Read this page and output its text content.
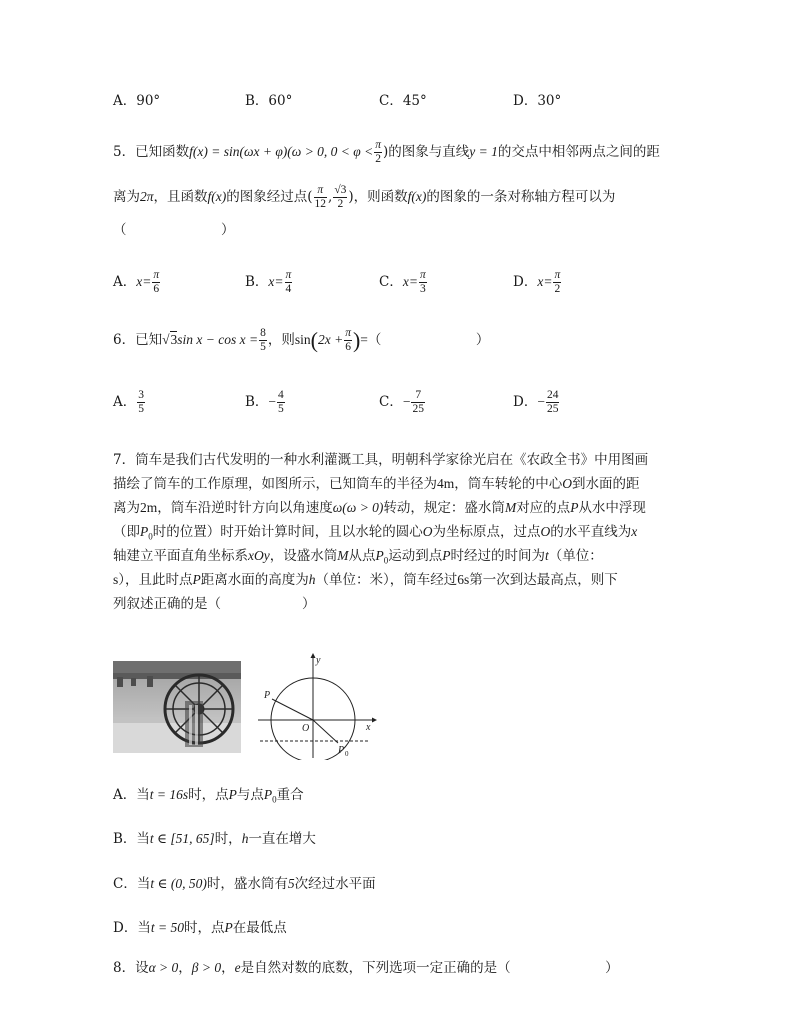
A．90°	B．60°	C．45°	D．30°
5．已知函数f(x) = sin(ωx + φ)(ω > 0, $0 < \varphi < \frac{\pi}{2}$ )的图象与直线y = 1的交点中相邻两点之间的距
离为2π，且函数f(x)的图象经过点( $\frac{\pi}{12}$ , $\frac{√3}{2}$ )，则函数f(x)的图象的一条对称轴方程可以为
（　　　　　　　）
A．$x= \frac{\pi}{6}$	B．$x= \frac{\pi}{4}$	C．$x= \frac{\pi}{3}$	D．$x= \frac{\pi}{2}$
6．已知√3sin $x - \cos x = \frac{8}{5}$ ，则$\sin(2x + \frac{\pi}{6}$ )=（　　　　　　　）
A． $\frac{3}{5}$	B．− $\frac{4}{5}$	C．− $\frac{7}{25}$	D．− $\frac{24}{25}$
7．筒车是我们古代发明的一种水利灌溉工具，明朝科学家徐光启在《农政全书》中用图画
描绘了筒车的工作原理，如图所示，已知筒车的半径为4m，筒车转轮的中心O到水面的距
离为2m，筒车沿逆时针方向以角速度ω(ω > 0)转动，规定：盛水筒M对应的点P从水中浮现
（即$P_0$时的位置）时开始计算时间，且以水轮的圆心O为坐标原点，过点O的水平直线为x
轴建立平面直角坐标系xOy，设盛水筒M从点$P_0$运动到点P时经过的时间为t（单位：
s），且此时点P距离水面的高度为h（单位：米），筒车经过6s第一次到达最高点，则下
列叙述正确的是（　　　　　　）
y
x
P
O
P 0
A．当t = 16s时，点P与点$P_0$重合
B．当t ∈ [51, 65]时，h一直在增大
C．当t ∈ (0, 50)时，盛水筒有5次经过水平面
D．当t = 50时，点P在最低点
8．设α > 0，β > 0，e是自然对数的底数，下列选项一定正确的是（　　　　　　　）
